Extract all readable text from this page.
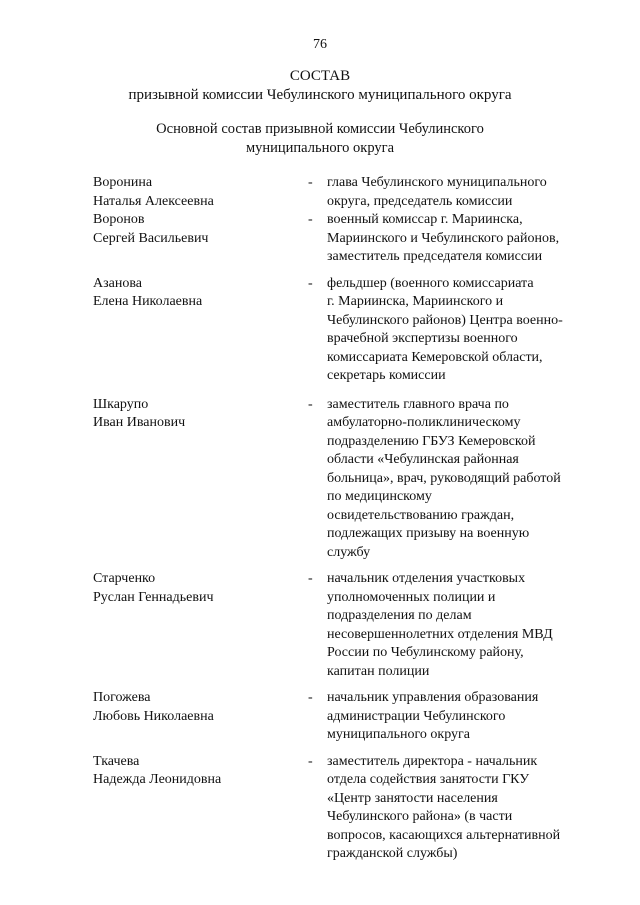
76
СОСТАВ
призывной комиссии Чебулинского муниципального округа
Основной состав призывной комиссии Чебулинского
муниципального округа
Воронина
Наталья Алексеевна
- глава Чебулинского муниципального
округа, председатель комиссии
Воронов
Сергей Васильевич
- военный комиссар г. Мариинска,
Мариинского и Чебулинского районов,
заместитель председателя комиссии
Азанова
Елена Николаевна
- фельдшер (военного комиссариата
г. Мариинска, Мариинского и
Чебулинского районов) Центра военно-
врачебной экспертизы военного
комиссариата Кемеровской области,
секретарь комиссии
Шкарупо
Иван Иванович
- заместитель главного врача по
амбулаторно-поликлиническому
подразделению ГБУЗ Кемеровской
области «Чебулинская районная
больница», врач, руководящий работой
по медицинскому
освидетельствованию граждан,
подлежащих призыву на военную
службу
Старченко
Руслан Геннадьевич
- начальник отделения участковых
уполномоченных полиции и
подразделения по делам
несовершеннолетних отделения МВД
России по Чебулинскому району,
капитан полиции
Погожева
Любовь Николаевна
- начальник управления образования
администрации Чебулинского
муниципального округа
Ткачева
Надежда Леонидовна
- заместитель директора - начальник
отдела содействия занятости ГКУ
«Центр занятости населения
Чебулинского района» (в части
вопросов, касающихся альтернативной
гражданской службы)
